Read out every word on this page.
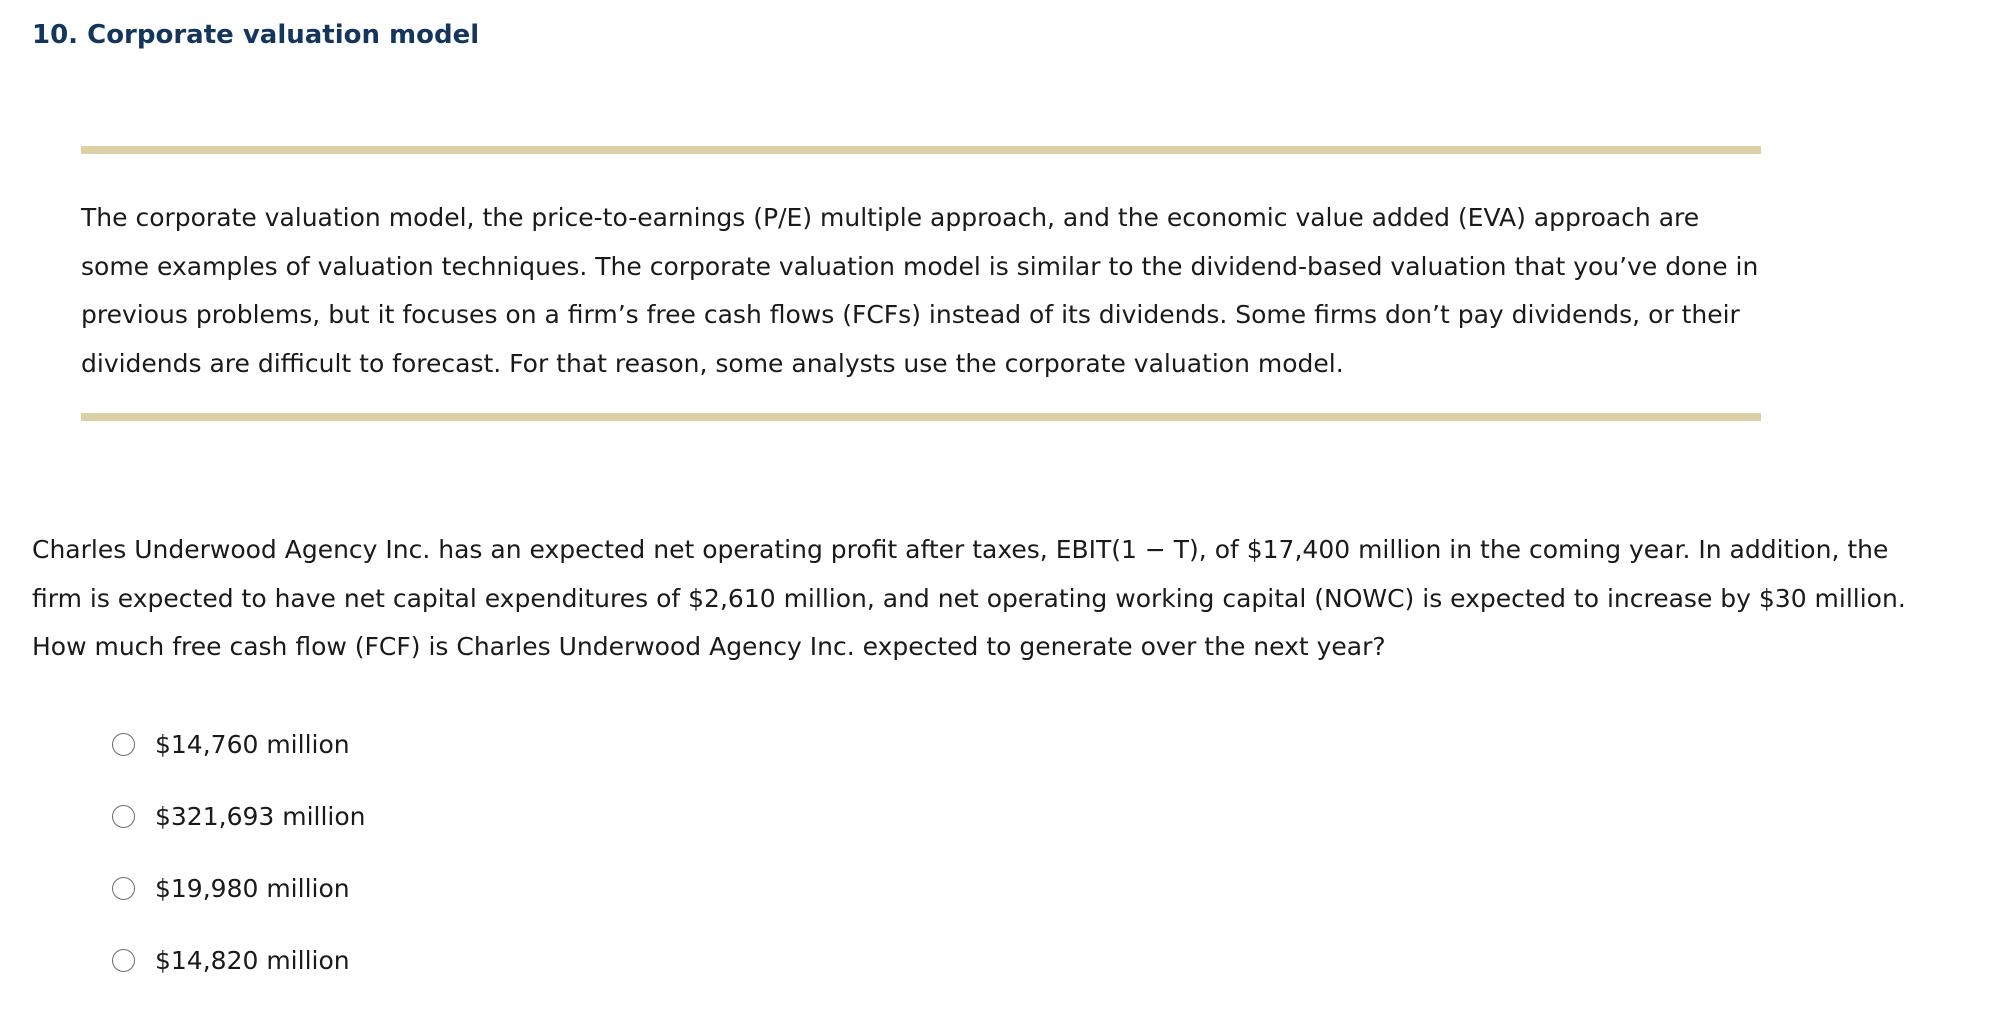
10. Corporate valuation model

The corporate valuation model, the price-to-earnings (P/E) multiple approach, and the economic value added (EVA) approach are some examples of valuation techniques. The corporate valuation model is similar to the dividend-based valuation that you’ve done in previous problems, but it focuses on a firm’s free cash flows (FCFs) instead of its dividends. Some firms don’t pay dividends, or their dividends are difficult to forecast. For that reason, some analysts use the corporate valuation model.

Charles Underwood Agency Inc. has an expected net operating profit after taxes, EBIT(1 − T), of $17,400 million in the coming year. In addition, the firm is expected to have net capital expenditures of $2,610 million, and net operating working capital (NOWC) is expected to increase by $30 million. How much free cash flow (FCF) is Charles Underwood Agency Inc. expected to generate over the next year?

$14,760 million
$321,693 million
$19,980 million
$14,820 million
